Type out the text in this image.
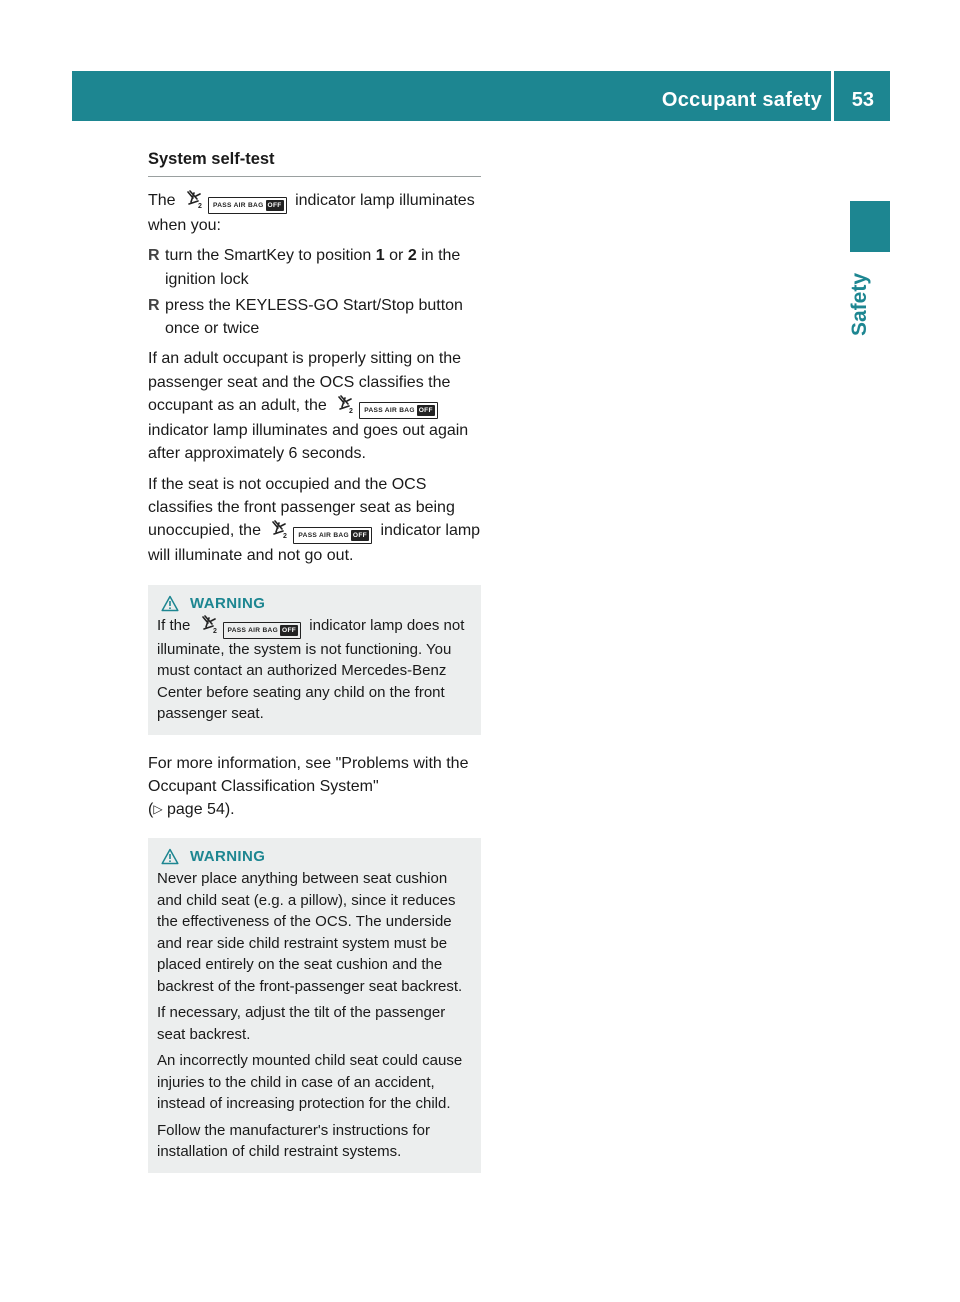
Occupant safety 53
Safety
System self-test

The	2 PASS AIR BAG OFF indicator lamp illuminates when you:

R turn the SmartKey to position 1 or 2 in the ignition lock
R press the KEYLESS-GO Start/Stop button once or twice

If an adult occupant is properly sitting on the passenger seat and the OCS classifies the occupant as an adult, the	2 PASS AIR BAG OFF indicator lamp illuminates and goes out again after approximately 6 seconds.

If the seat is not occupied and the OCS classifies the front passenger seat as being unoccupied, the	2 PASS AIR BAG OFF indicator lamp will illuminate and not go out.

WARNING

If the	2 PASS AIR BAG OFF indicator lamp does not illuminate, the system is not functioning. You must contact an authorized Mercedes-Benz Center before seating any child on the front passenger seat.

For more information, see "Problems with the Occupant Classification System"
(▷ page 54).

WARNING

Never place anything between seat cushion and child seat (e.g. a pillow), since it reduces the effectiveness of the OCS. The underside and rear side child restraint system must be placed entirely on the seat cushion and the backrest of the front-passenger seat backrest.

If necessary, adjust the tilt of the passenger seat backrest.

An incorrectly mounted child seat could cause injuries to the child in case of an accident, instead of increasing protection for the child.

Follow the manufacturer's instructions for installation of child restraint systems.
